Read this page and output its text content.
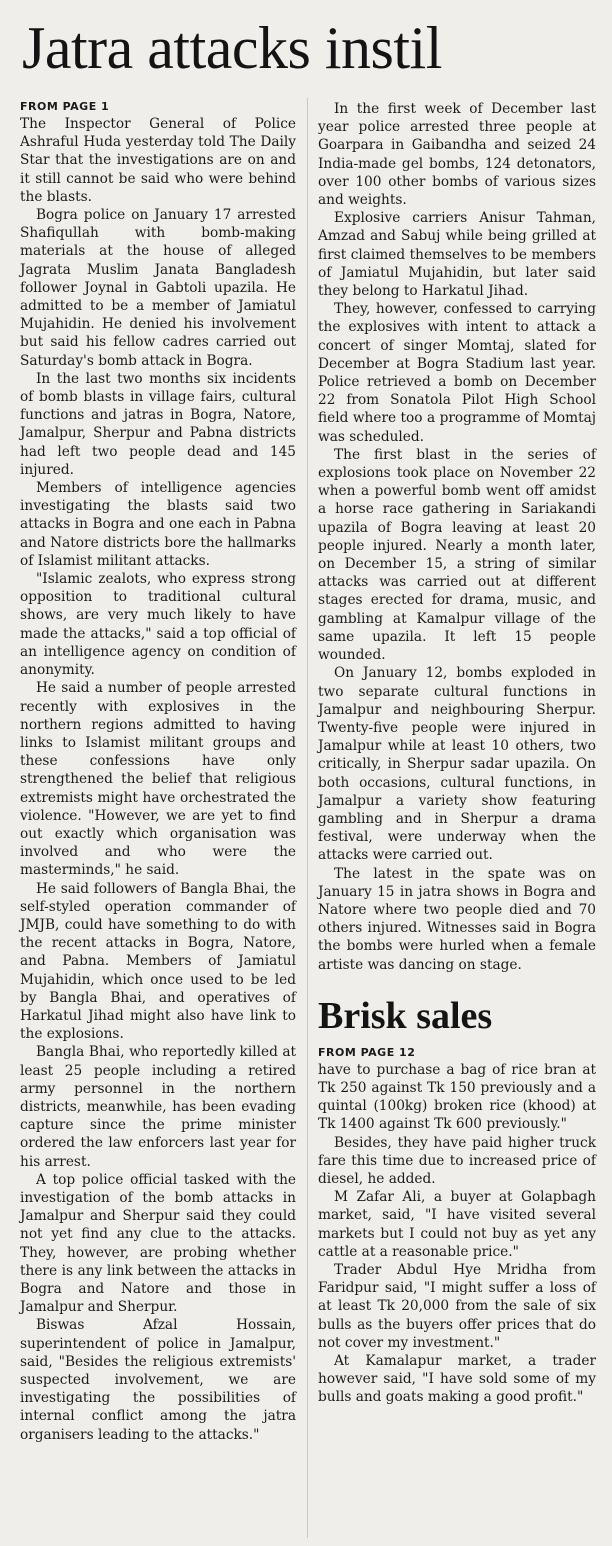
Jatra attacks instil
FROM PAGE 1

The Inspector General of Police Ashraful Huda yesterday told The Daily Star that the investigations are on and it still cannot be said who were behind the blasts.

Bogra police on January 17 arrested Shafiqullah with bomb-making materials at the house of alleged Jagrata Muslim Janata Bangladesh follower Joynal in Gabtoli upazila. He admitted to be a member of Jamiatul Mujahidin. He denied his involvement but said his fellow cadres carried out Saturday's bomb attack in Bogra.

In the last two months six incidents of bomb blasts in village fairs, cultural functions and jatras in Bogra, Natore, Jamalpur, Sherpur and Pabna districts had left two people dead and 145 injured.

Members of intelligence agencies investigating the blasts said two attacks in Bogra and one each in Pabna and Natore districts bore the hallmarks of Islamist militant attacks.

"Islamic zealots, who express strong opposition to traditional cultural shows, are very much likely to have made the attacks," said a top official of an intelligence agency on condition of anonymity.

He said a number of people arrested recently with explosives in the northern regions admitted to having links to Islamist militant groups and these confessions have only strengthened the belief that religious extremists might have orchestrated the violence. "However, we are yet to find out exactly which organisation was involved and who were the masterminds," he said.

He said followers of Bangla Bhai, the self-styled operation commander of JMJB, could have something to do with the recent attacks in Bogra, Natore, and Pabna. Members of Jamiatul Mujahidin, which once used to be led by Bangla Bhai, and operatives of Harkatul Jihad might also have link to the explosions.

Bangla Bhai, who reportedly killed at least 25 people including a retired army personnel in the northern districts, meanwhile, has been evading capture since the prime minister ordered the law enforcers last year for his arrest.

A top police official tasked with the investigation of the bomb attacks in Jamalpur and Sherpur said they could not yet find any clue to the attacks. They, however, are probing whether there is any link between the attacks in Bogra and Natore and those in Jamalpur and Sherpur.

Biswas Afzal Hossain, superintendent of police in Jamalpur, said, "Besides the religious extremists' suspected involvement, we are investigating the possibilities of internal conflict among the jatra organisers leading to the attacks."

In the first week of December last year police arrested three people at Goarpara in Gaibandha and seized 24 India-made gel bombs, 124 detonators, over 100 other bombs of various sizes and weights.

Explosive carriers Anisur Tahman, Amzad and Sabuj while being grilled at first claimed themselves to be members of Jamiatul Mujahidin, but later said they belong to Harkatul Jihad.

They, however, confessed to carrying the explosives with intent to attack a concert of singer Momtaj, slated for December at Bogra Stadium last year. Police retrieved a bomb on December 22 from Sonatola Pilot High School field where too a programme of Momtaj was scheduled.

The first blast in the series of explosions took place on November 22 when a powerful bomb went off amidst a horse race gathering in Sariakandi upazila of Bogra leaving at least 20 people injured. Nearly a month later, on December 15, a string of similar attacks was carried out at different stages erected for drama, music, and gambling at Kamalpur village of the same upazila. It left 15 people wounded.

On January 12, bombs exploded in two separate cultural functions in Jamalpur and neighbouring Sherpur. Twenty-five people were injured in Jamalpur while at least 10 others, two critically, in Sherpur sadar upazila. On both occasions, cultural functions, in Jamalpur a variety show featuring gambling and in Sherpur a drama festival, were underway when the attacks were carried out.

The latest in the spate was on January 15 in jatra shows in Bogra and Natore where two people died and 70 others injured. Witnesses said in Bogra the bombs were hurled when a female artiste was dancing on stage.

Brisk sales
FROM PAGE 12

have to purchase a bag of rice bran at Tk 250 against Tk 150 previously and a quintal (100kg) broken rice (khood) at Tk 1400 against Tk 600 previously."

Besides, they have paid higher truck fare this time due to increased price of diesel, he added.

M Zafar Ali, a buyer at Golapbagh market, said, "I have visited several markets but I could not buy as yet any cattle at a reasonable price."

Trader Abdul Hye Mridha from Faridpur said, "I might suffer a loss of at least Tk 20,000 from the sale of six bulls as the buyers offer prices that do not cover my investment."

At Kamalapur market, a trader however said, "I have sold some of my bulls and goats making a good profit."
